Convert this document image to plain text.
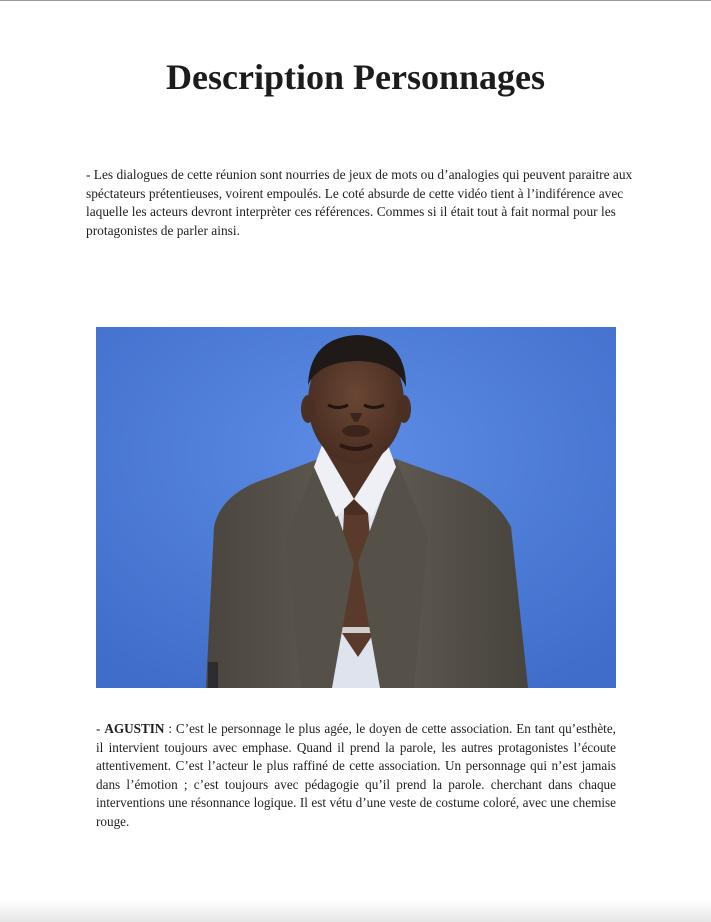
Description Personnages

- Les dialogues de cette réunion sont nourries de jeux de mots ou d’analogies qui peuvent paraitre aux spéctateurs prétentieuses, voirent empoulés. Le coté absurde de cette vidéo tient à l’indiférence avec laquelle les acteurs devront interprèter ces références. Commes si il était tout à fait normal pour les protagonistes de parler ainsi.

- AGUSTIN : C’est le personnage le plus agée, le doyen de cette association. En tant qu’esthète, il intervient toujours avec emphase. Quand il prend la parole, les autres protagonistes l’écoute attentivement. C’est l’acteur le plus raffiné de cette association. Un personnage qui n’est jamais dans l’émotion ; c’est toujours avec pédagogie qu’il prend la parole. cherchant dans chaque interventions une résonnance logique. Il est vétu d’une veste de costume coloré, avec une chemise rouge.
